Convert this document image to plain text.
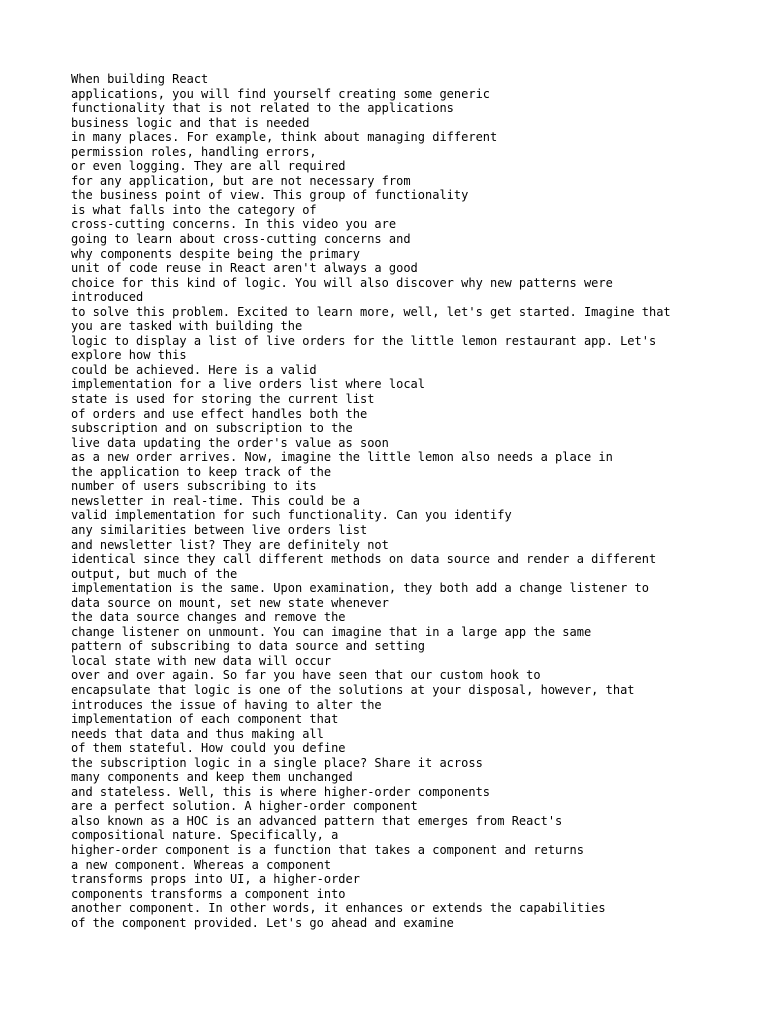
When building React
applications, you will find yourself creating some generic
functionality that is not related to the applications
business logic and that is needed
in many places. For example, think about managing different
permission roles, handling errors,
or even logging. They are all required
for any application, but are not necessary from
the business point of view. This group of functionality
is what falls into the category of
cross-cutting concerns. In this video you are
going to learn about cross-cutting concerns and
why components despite being the primary
unit of code reuse in React aren't always a good
choice for this kind of logic. You will also discover why new patterns were
introduced
to solve this problem. Excited to learn more, well, let's get started. Imagine that
you are tasked with building the
logic to display a list of live orders for the little lemon restaurant app. Let's
explore how this
could be achieved. Here is a valid
implementation for a live orders list where local
state is used for storing the current list
of orders and use effect handles both the
subscription and on subscription to the
live data updating the order's value as soon
as a new order arrives. Now, imagine the little lemon also needs a place in
the application to keep track of the
number of users subscribing to its
newsletter in real-time. This could be a
valid implementation for such functionality. Can you identify
any similarities between live orders list
and newsletter list? They are definitely not
identical since they call different methods on data source and render a different
output, but much of the
implementation is the same. Upon examination, they both add a change listener to
data source on mount, set new state whenever
the data source changes and remove the
change listener on unmount. You can imagine that in a large app the same
pattern of subscribing to data source and setting
local state with new data will occur
over and over again. So far you have seen that our custom hook to
encapsulate that logic is one of the solutions at your disposal, however, that
introduces the issue of having to alter the
implementation of each component that
needs that data and thus making all
of them stateful. How could you define
the subscription logic in a single place? Share it across
many components and keep them unchanged
and stateless. Well, this is where higher-order components
are a perfect solution. A higher-order component
also known as a HOC is an advanced pattern that emerges from React's
compositional nature. Specifically, a
higher-order component is a function that takes a component and returns
a new component. Whereas a component
transforms props into UI, a higher-order
components transforms a component into
another component. In other words, it enhances or extends the capabilities
of the component provided. Let's go ahead and examine
